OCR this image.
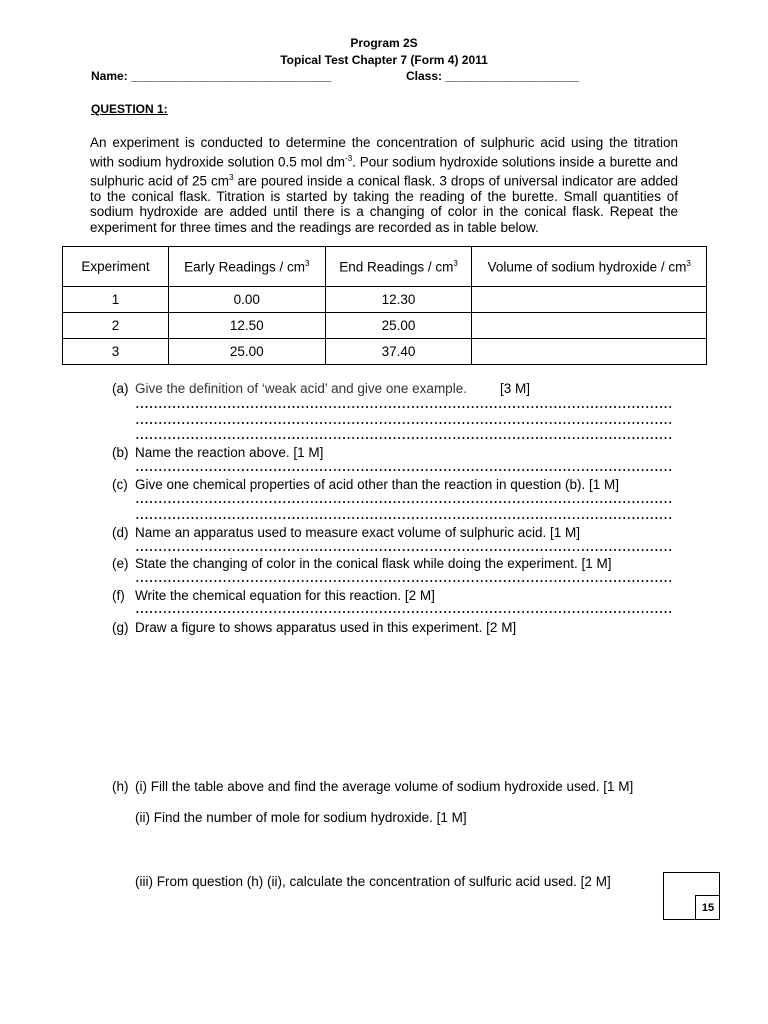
Program 2S
Topical Test Chapter 7 (Form 4) 2011
Name: ______________________________	Class: ____________________
QUESTION 1:
An experiment is conducted to determine the concentration of sulphuric acid using the titration with sodium hydroxide solution 0.5 mol $dm^{-3}$. Pour sodium hydroxide solutions inside a burette and sulphuric acid of 25 $cm^3$ are poured inside a conical flask. 3 drops of universal indicator are added to the conical flask. Titration is started by taking the reading of the burette. Small quantities of sodium hydroxide are added until there is a changing of color in the conical flask. Repeat the experiment for three times and the readings are recorded as in table below.
Experiment	Early Readings / $cm^3$	End Readings / $cm^3$	Volume of sodium hydroxide / $cm^3$
1	0.00	12.30	
2	12.50	25.00	
3	25.00	37.40	
(a) Give the definition of ‘weak acid’ and give one example. [3 M]
(b) Name the reaction above. [1 M]
(c) Give one chemical properties of acid other than the reaction in question (b). [1 M]
(d) Name an apparatus used to measure exact volume of sulphuric acid. [1 M]
(e) State the changing of color in the conical flask while doing the experiment. [1 M]
(f) Write the chemical equation for this reaction. [2 M]
(g) Draw a figure to shows apparatus used in this experiment. [2 M]
(h) (i) Fill the table above and find the average volume of sodium hydroxide used. [1 M]
(ii) Find the number of mole for sodium hydroxide. [1 M]
(iii) From question (h) (ii), calculate the concentration of sulfuric acid used. [2 M]
15
